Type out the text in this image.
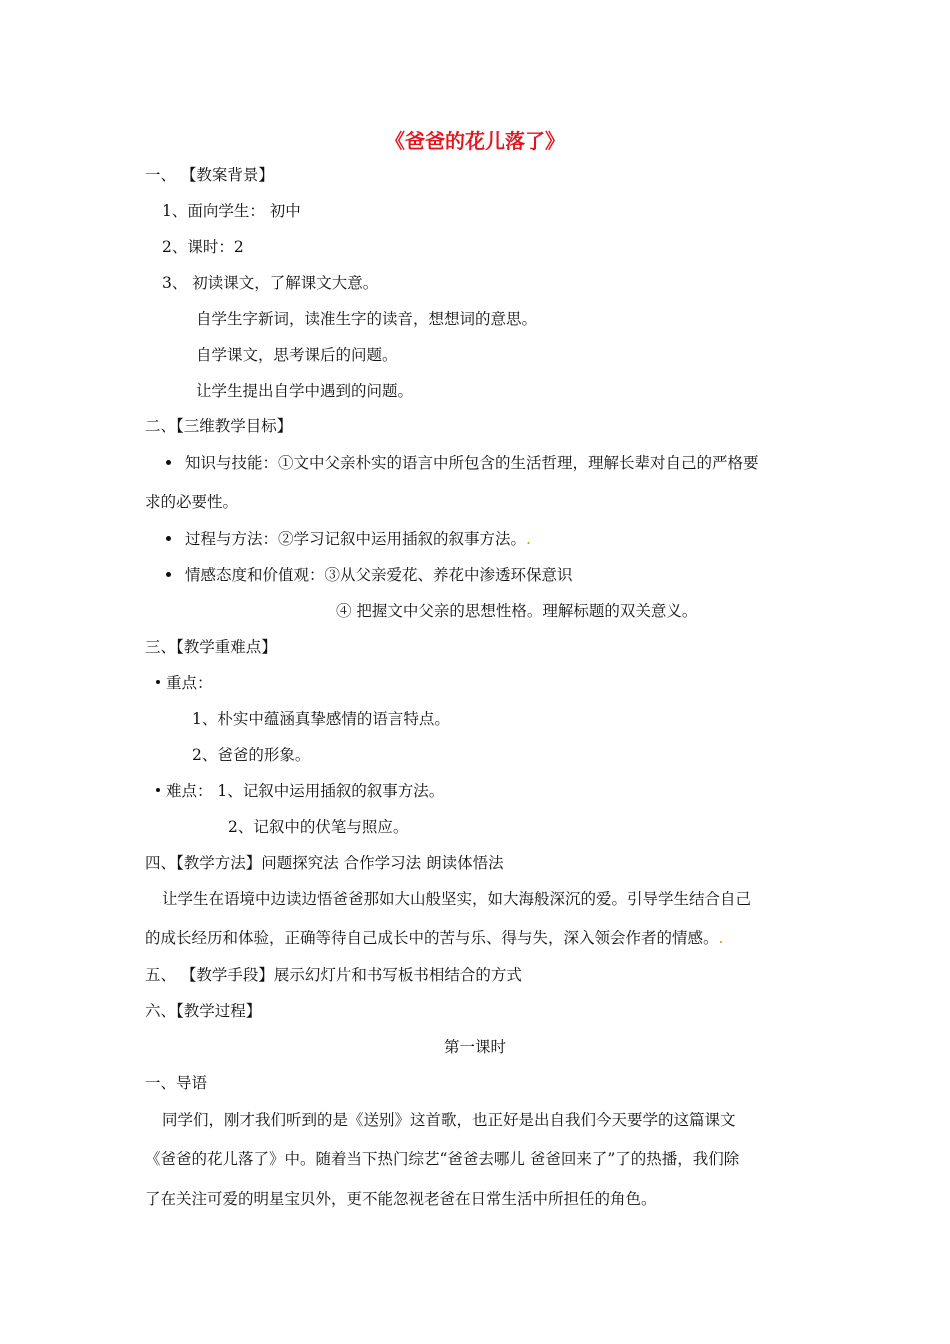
《爸爸的花儿落了》
一、 【教案背景】
1、面向学生： 初中
2、课时：2
3、 初读课文，了解课文大意。
自学生字新词，读准生字的读音，想想词的意思。
自学课文，思考课后的问题。
让学生提出自学中遇到的问题。
二、【三维教学目标】
知识与技能：①文中父亲朴实的语言中所包含的生活哲理，理解长辈对自己的严格要
求的必要性。
过程与方法：②学习记叙中运用插叙的叙事方法。.
情感态度和价值观：③从父亲爱花、养花中渗透环保意识
④ 把握文中父亲的思想性格。理解标题的双关意义。
三、【教学重难点】
重点：
1、朴实中蕴涵真挚感情的语言特点。
2、爸爸的形象。
难点： 1、记叙中运用插叙的叙事方法。
2、记叙中的伏笔与照应。
四、【教学方法】问题探究法 合作学习法 朗读体悟法
让学生在语境中边读边悟爸爸那如大山般坚实，如大海般深沉的爱。引导学生结合自己
的成长经历和体验，正确等待自己成长中的苦与乐、得与失，深入领会作者的情感。.
五、 【教学手段】展示幻灯片和书写板书相结合的方式
六、【教学过程】
第一课时
一、导语
同学们，刚才我们听到的是《送别》这首歌，也正好是出自我们今天要学的这篇课文
《爸爸的花儿落了》中。随着当下热门综艺“爸爸去哪儿 爸爸回来了”了的热播，我们除
了在关注可爱的明星宝贝外，更不能忽视老爸在日常生活中所担任的角色。
